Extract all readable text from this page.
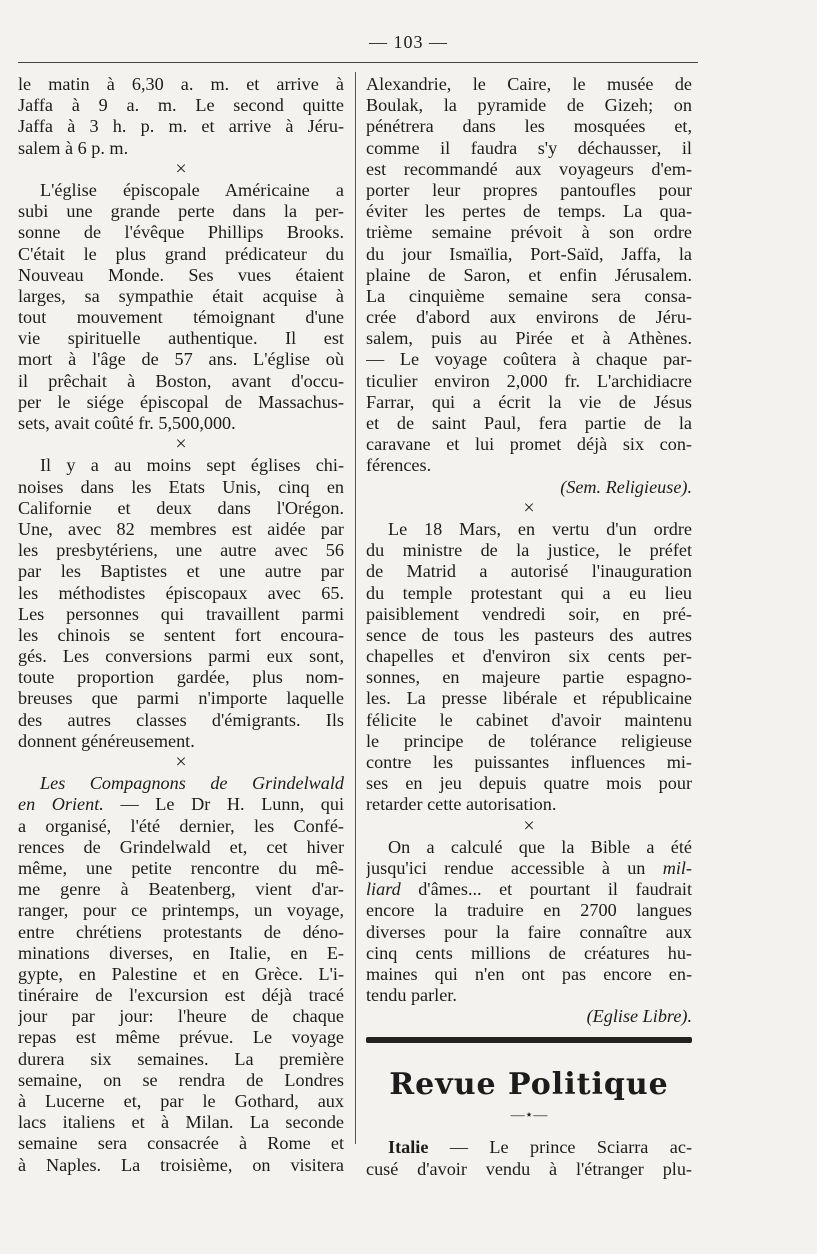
— 103 —
le matin à 6,30 a. m. et arrive à
Jaffa à 9 a. m. Le second quitte
Jaffa à 3 h. p. m. et arrive à Jéru-
salem à 6 p. m.
×
L'église épiscopale Américaine a
subi une grande perte dans la per-
sonne de l'évêque Phillips Brooks.
C'était le plus grand prédicateur du
Nouveau Monde. Ses vues étaient
larges, sa sympathie était acquise à
tout mouvement témoignant d'une
vie spirituelle authentique. Il est
mort à l'âge de 57 ans. L'église où
il prêchait à Boston, avant d'occu-
per le siége épiscopal de Massachus-
sets, avait coûté fr. 5,500,000.
×
Il y a au moins sept églises chi-
noises dans les Etats Unis, cinq en
Californie et deux dans l'Orégon.
Une, avec 82 membres est aidée par
les presbytériens, une autre avec 56
par les Baptistes et une autre par
les méthodistes épiscopaux avec 65.
Les personnes qui travaillent parmi
les chinois se sentent fort encoura-
gés. Les conversions parmi eux sont,
toute proportion gardée, plus nom-
breuses que parmi n'importe laquelle
des autres classes d'émigrants. Ils
donnent généreusement.
×
Les Compagnons de Grindelwald
en Orient. — Le Dr H. Lunn, qui
a organisé, l'été dernier, les Confé-
rences de Grindelwald et, cet hiver
même, une petite rencontre du mê-
me genre à Beatenberg, vient d'ar-
ranger, pour ce printemps, un voyage,
entre chrétiens protestants de déno-
minations diverses, en Italie, en E-
gypte, en Palestine et en Grèce. L'i-
tinéraire de l'excursion est déjà tracé
jour par jour: l'heure de chaque
repas est même prévue. Le voyage
durera six semaines. La première
semaine, on se rendra de Londres
à Lucerne et, par le Gothard, aux
lacs italiens et à Milan. La seconde
semaine sera consacrée à Rome et
à Naples. La troisième, on visitera
Alexandrie, le Caire, le musée de
Boulak, la pyramide de Gizeh; on
pénétrera dans les mosquées et,
comme il faudra s'y déchausser, il
est recommandé aux voyageurs d'em-
porter leur propres pantoufles pour
éviter les pertes de temps. La qua-
trième semaine prévoit à son ordre
du jour Ismaïlia, Port-Saïd, Jaffa, la
plaine de Saron, et enfin Jérusalem.
La cinquième semaine sera consa-
crée d'abord aux environs de Jéru-
salem, puis au Pirée et à Athènes.
— Le voyage coûtera à chaque par-
ticulier environ 2,000 fr. L'archidiacre
Farrar, qui a écrit la vie de Jésus
et de saint Paul, fera partie de la
caravane et lui promet déjà six con-
férences.
(Sem. Religieuse).
×
Le 18 Mars, en vertu d'un ordre
du ministre de la justice, le préfet
de Matrid a autorisé l'inauguration
du temple protestant qui a eu lieu
paisiblement vendredi soir, en pré-
sence de tous les pasteurs des autres
chapelles et d'environ six cents per-
sonnes, en majeure partie espagno-
les. La presse libérale et républicaine
félicite le cabinet d'avoir maintenu
le principe de tolérance religieuse
contre les puissantes influences mi-
ses en jeu depuis quatre mois pour
retarder cette autorisation.
×
On a calculé que la Bible a été
jusqu'ici rendue accessible à un mil-
liard d'âmes... et pourtant il faudrait
encore la traduire en 2700 langues
diverses pour la faire connaître aux
cinq cents millions de créatures hu-
maines qui n'en ont pas encore en-
tendu parler.
(Eglise Libre).
Revue Politique
—⋆—
Italie — Le prince Sciarra ac-
cusé d'avoir vendu à l'étranger plu-
